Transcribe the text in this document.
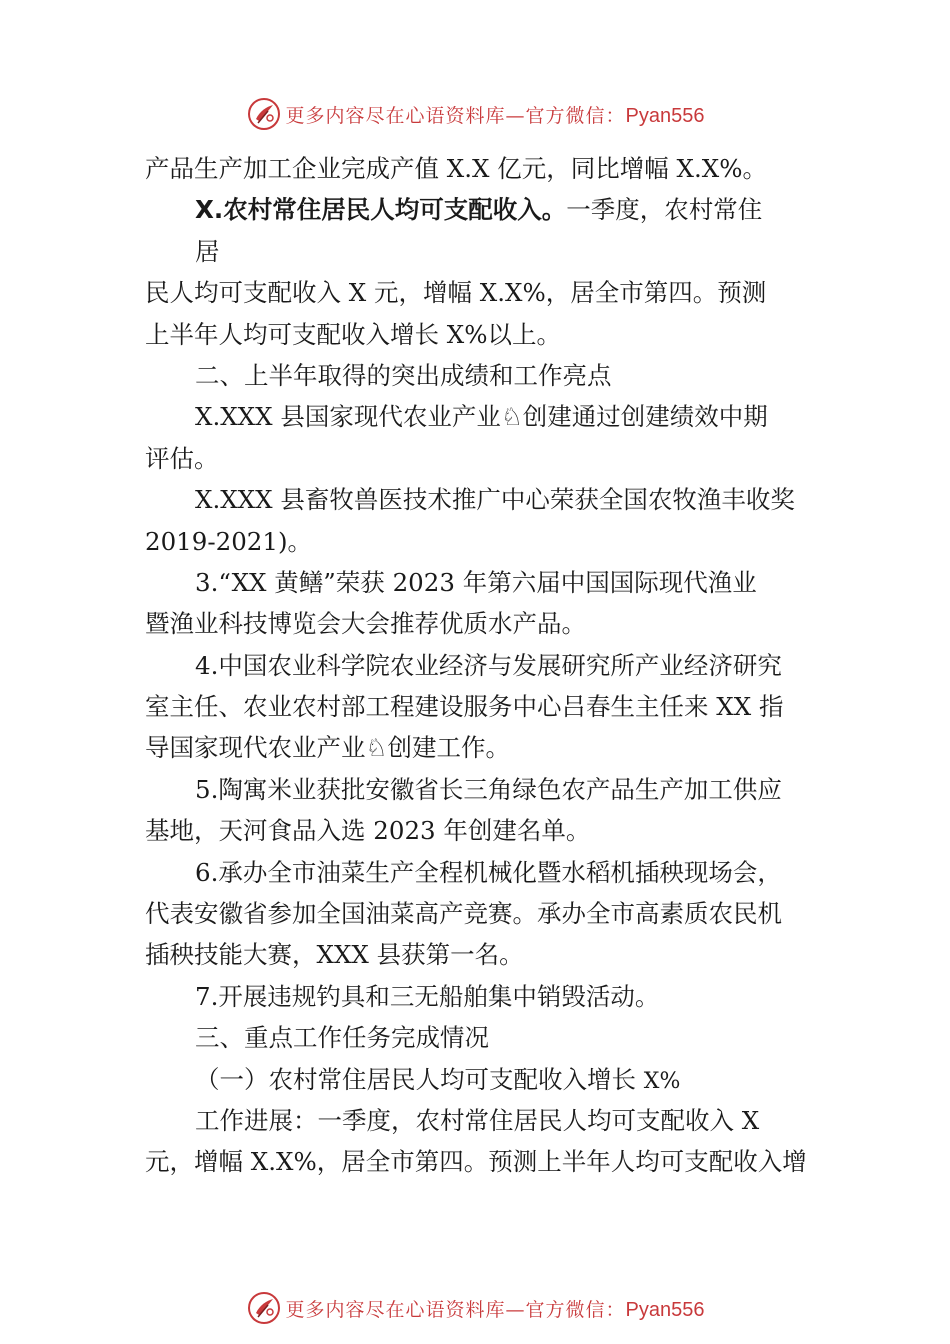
更多内容尽在心语资料库—官方微信：Pyan556
产品生产加工企业完成产值 X.X 亿元，同比增幅 X.X%。
X.农村常住居民人均可支配收入。一季度，农村常住
居
民人均可支配收入 X 元，增幅 X.X%，居全市第四。预测
上半年人均可支配收入增长 X%以上。
二、上半年取得的突出成绩和工作亮点
X.XXX 县国家现代农业产业♘创建通过创建绩效中期
评估。
X.XXX 县畜牧兽医技术推广中心荣获全国农牧渔丰收奖
2019-2021)。
3.“XX 黄鳝”荣获 2023 年第六届中国国际现代渔业
暨渔业科技博览会大会推荐优质水产品。
4.中国农业科学院农业经济与发展研究所产业经济研究
室主任、农业农村部工程建设服务中心吕春生主任来 XX 指
导国家现代农业产业♘创建工作。
5.陶寓米业获批安徽省长三角绿色农产品生产加工供应
基地，天河食品入选 2023 年创建名单。
6.承办全市油菜生产全程机械化暨水稻机插秧现场会，
代表安徽省参加全国油菜高产竞赛。承办全市高素质农民机
插秧技能大赛，XXX 县获第一名。
7.开展违规钓具和三无船舶集中销毁活动。
三、重点工作任务完成情况
（一）农村常住居民人均可支配收入增长 X%
工作进展：一季度，农村常住居民人均可支配收入 X
元，增幅 X.X%，居全市第四。预测上半年人均可支配收入增
更多内容尽在心语资料库—官方微信：Pyan556
